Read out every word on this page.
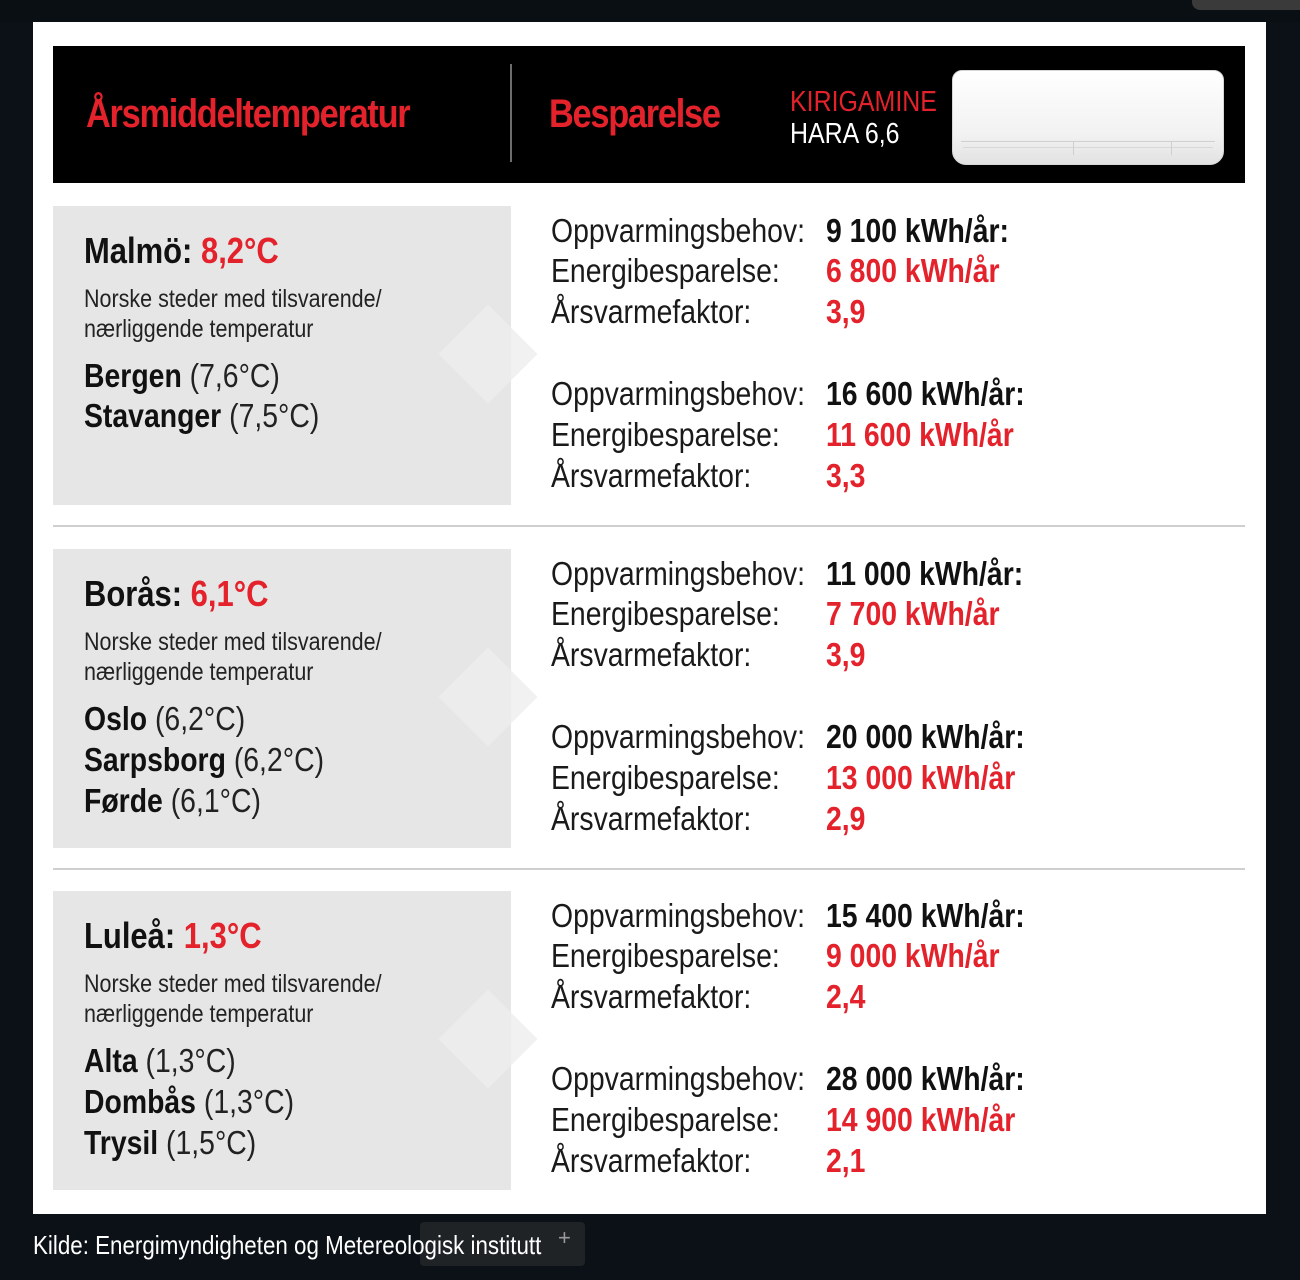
Årsmiddeltemperatur	Besparelse KIRIGAMINE
HARA 6,6
Malmö: 8,2°C
Norske steder med tilsvarende/
nærliggende temperatur
Bergen (7,6°C)
Stavanger (7,5°C)
Oppvarmingsbehov: 9 100 kWh/år:
Energibesparelse: 6 800 kWh/år
Årsvarmefaktor: 3,9
Oppvarmingsbehov: 16 600 kWh/år:
Energibesparelse: 11 600 kWh/år
Årsvarmefaktor: 3,3
Borås: 6,1°C
Norske steder med tilsvarende/
nærliggende temperatur
Oslo (6,2°C)
Sarpsborg (6,2°C)
Førde (6,1°C)
Oppvarmingsbehov: 11 000 kWh/år:
Energibesparelse: 7 700 kWh/år
Årsvarmefaktor: 3,9
Oppvarmingsbehov: 20 000 kWh/år:
Energibesparelse: 13 000 kWh/år
Årsvarmefaktor: 2,9
Luleå: 1,3°C
Norske steder med tilsvarende/
nærliggende temperatur
Alta (1,3°C)
Dombås (1,3°C)
Trysil (1,5°C)
Oppvarmingsbehov: 15 400 kWh/år:
Energibesparelse: 9 000 kWh/år
Årsvarmefaktor: 2,4
Oppvarmingsbehov: 28 000 kWh/år:
Energibesparelse: 14 900 kWh/år
Årsvarmefaktor: 2,1
+
Kilde: Energimyndigheten og Metereologisk institutt
